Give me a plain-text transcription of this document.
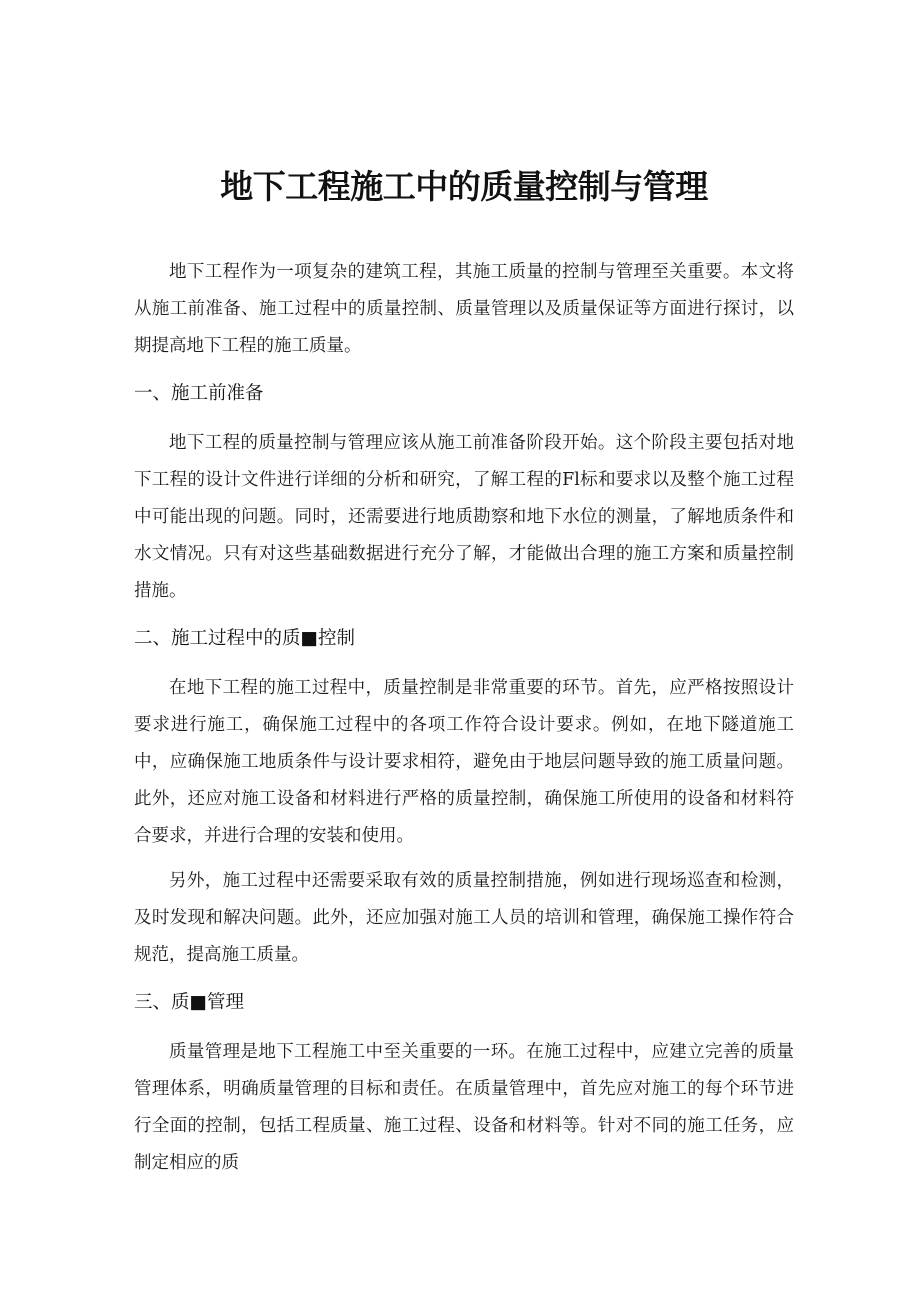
地下工程施工中的质量控制与管理

地下工程作为一项复杂的建筑工程，其施工质量的控制与管理至关重要。本文将从施工前准备、施工过程中的质量控制、质量管理以及质量保证等方面进行探讨，以期提高地下工程的施工质量。

一、施工前准备

地下工程的质量控制与管理应该从施工前准备阶段开始。这个阶段主要包括对地下工程的设计文件进行详细的分析和研究，了解工程的Fl标和要求以及整个施工过程中可能出现的问题。同时，还需要进行地质勘察和地下水位的测量，了解地质条件和水文情况。只有对这些基础数据进行充分了解，才能做出合理的施工方案和质量控制措施。

二、施工过程中的质■控制

在地下工程的施工过程中，质量控制是非常重要的环节。首先，应严格按照设计要求进行施工，确保施工过程中的各项工作符合设计要求。例如，在地下隧道施工中，应确保施工地质条件与设计要求相符，避免由于地层问题导致的施工质量问题。此外，还应对施工设备和材料进行严格的质量控制，确保施工所使用的设备和材料符合要求，并进行合理的安装和使用。

另外，施工过程中还需要采取有效的质量控制措施，例如进行现场巡查和检测，及时发现和解决问题。此外，还应加强对施工人员的培训和管理，确保施工操作符合规范，提高施工质量。

三、质■管理

质量管理是地下工程施工中至关重要的一环。在施工过程中，应建立完善的质量管理体系，明确质量管理的目标和责任。在质量管理中，首先应对施工的每个环节进行全面的控制，包括工程质量、施工过程、设备和材料等。针对不同的施工任务，应制定相应的质
